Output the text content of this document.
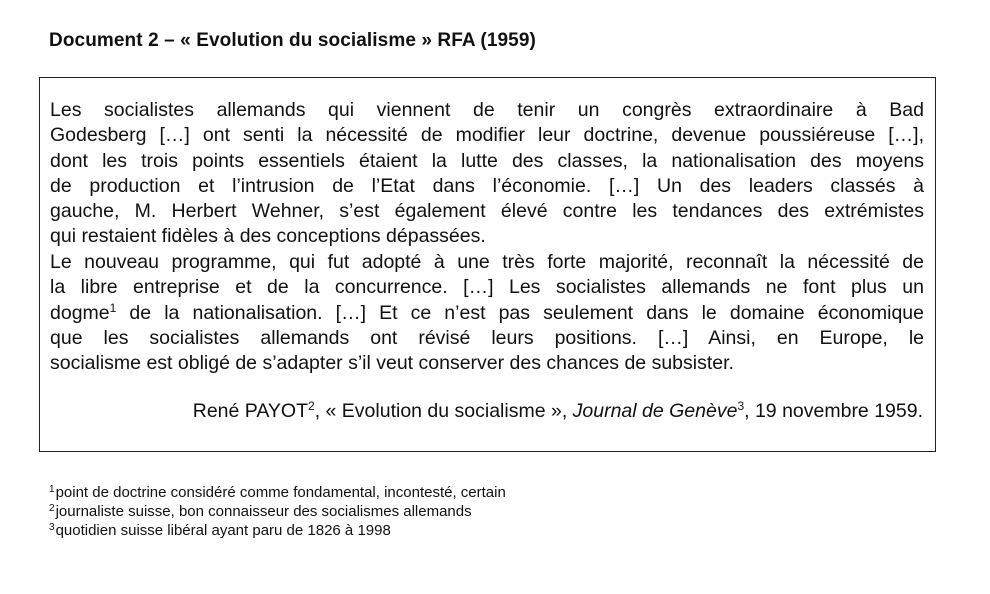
Document 2 – « Evolution du socialisme » RFA (1959)

Les socialistes allemands qui viennent de tenir un congrès extraordinaire à Bad
Godesberg […] ont senti la nécessité de modifier leur doctrine, devenue poussiéreuse […],
dont les trois points essentiels étaient la lutte des classes, la nationalisation des moyens
de production et l’intrusion de l’Etat dans l’économie. […] Un des leaders classés à
gauche, M. Herbert Wehner, s’est également élevé contre les tendances des extrémistes
qui restaient fidèles à des conceptions dépassées.

Le nouveau programme, qui fut adopté à une très forte majorité, reconnaît la nécessité de
la libre entreprise et de la concurrence. […] Les socialistes allemands ne font plus un
dogme$^1$ de la nationalisation. […] Et ce n’est pas seulement dans le domaine économique
que les socialistes allemands ont révisé leurs positions. […] Ainsi, en Europe, le
socialisme est obligé de s’adapter s’il veut conserver des chances de subsister.

René PAYOT$^2$, « Evolution du socialisme », Journal de Genève$^3$, 19 novembre 1959.
$^1$point de doctrine considéré comme fondamental, incontesté, certain
$^2$journaliste suisse, bon connaisseur des socialismes allemands
$^3$quotidien suisse libéral ayant paru de 1826 à 1998
